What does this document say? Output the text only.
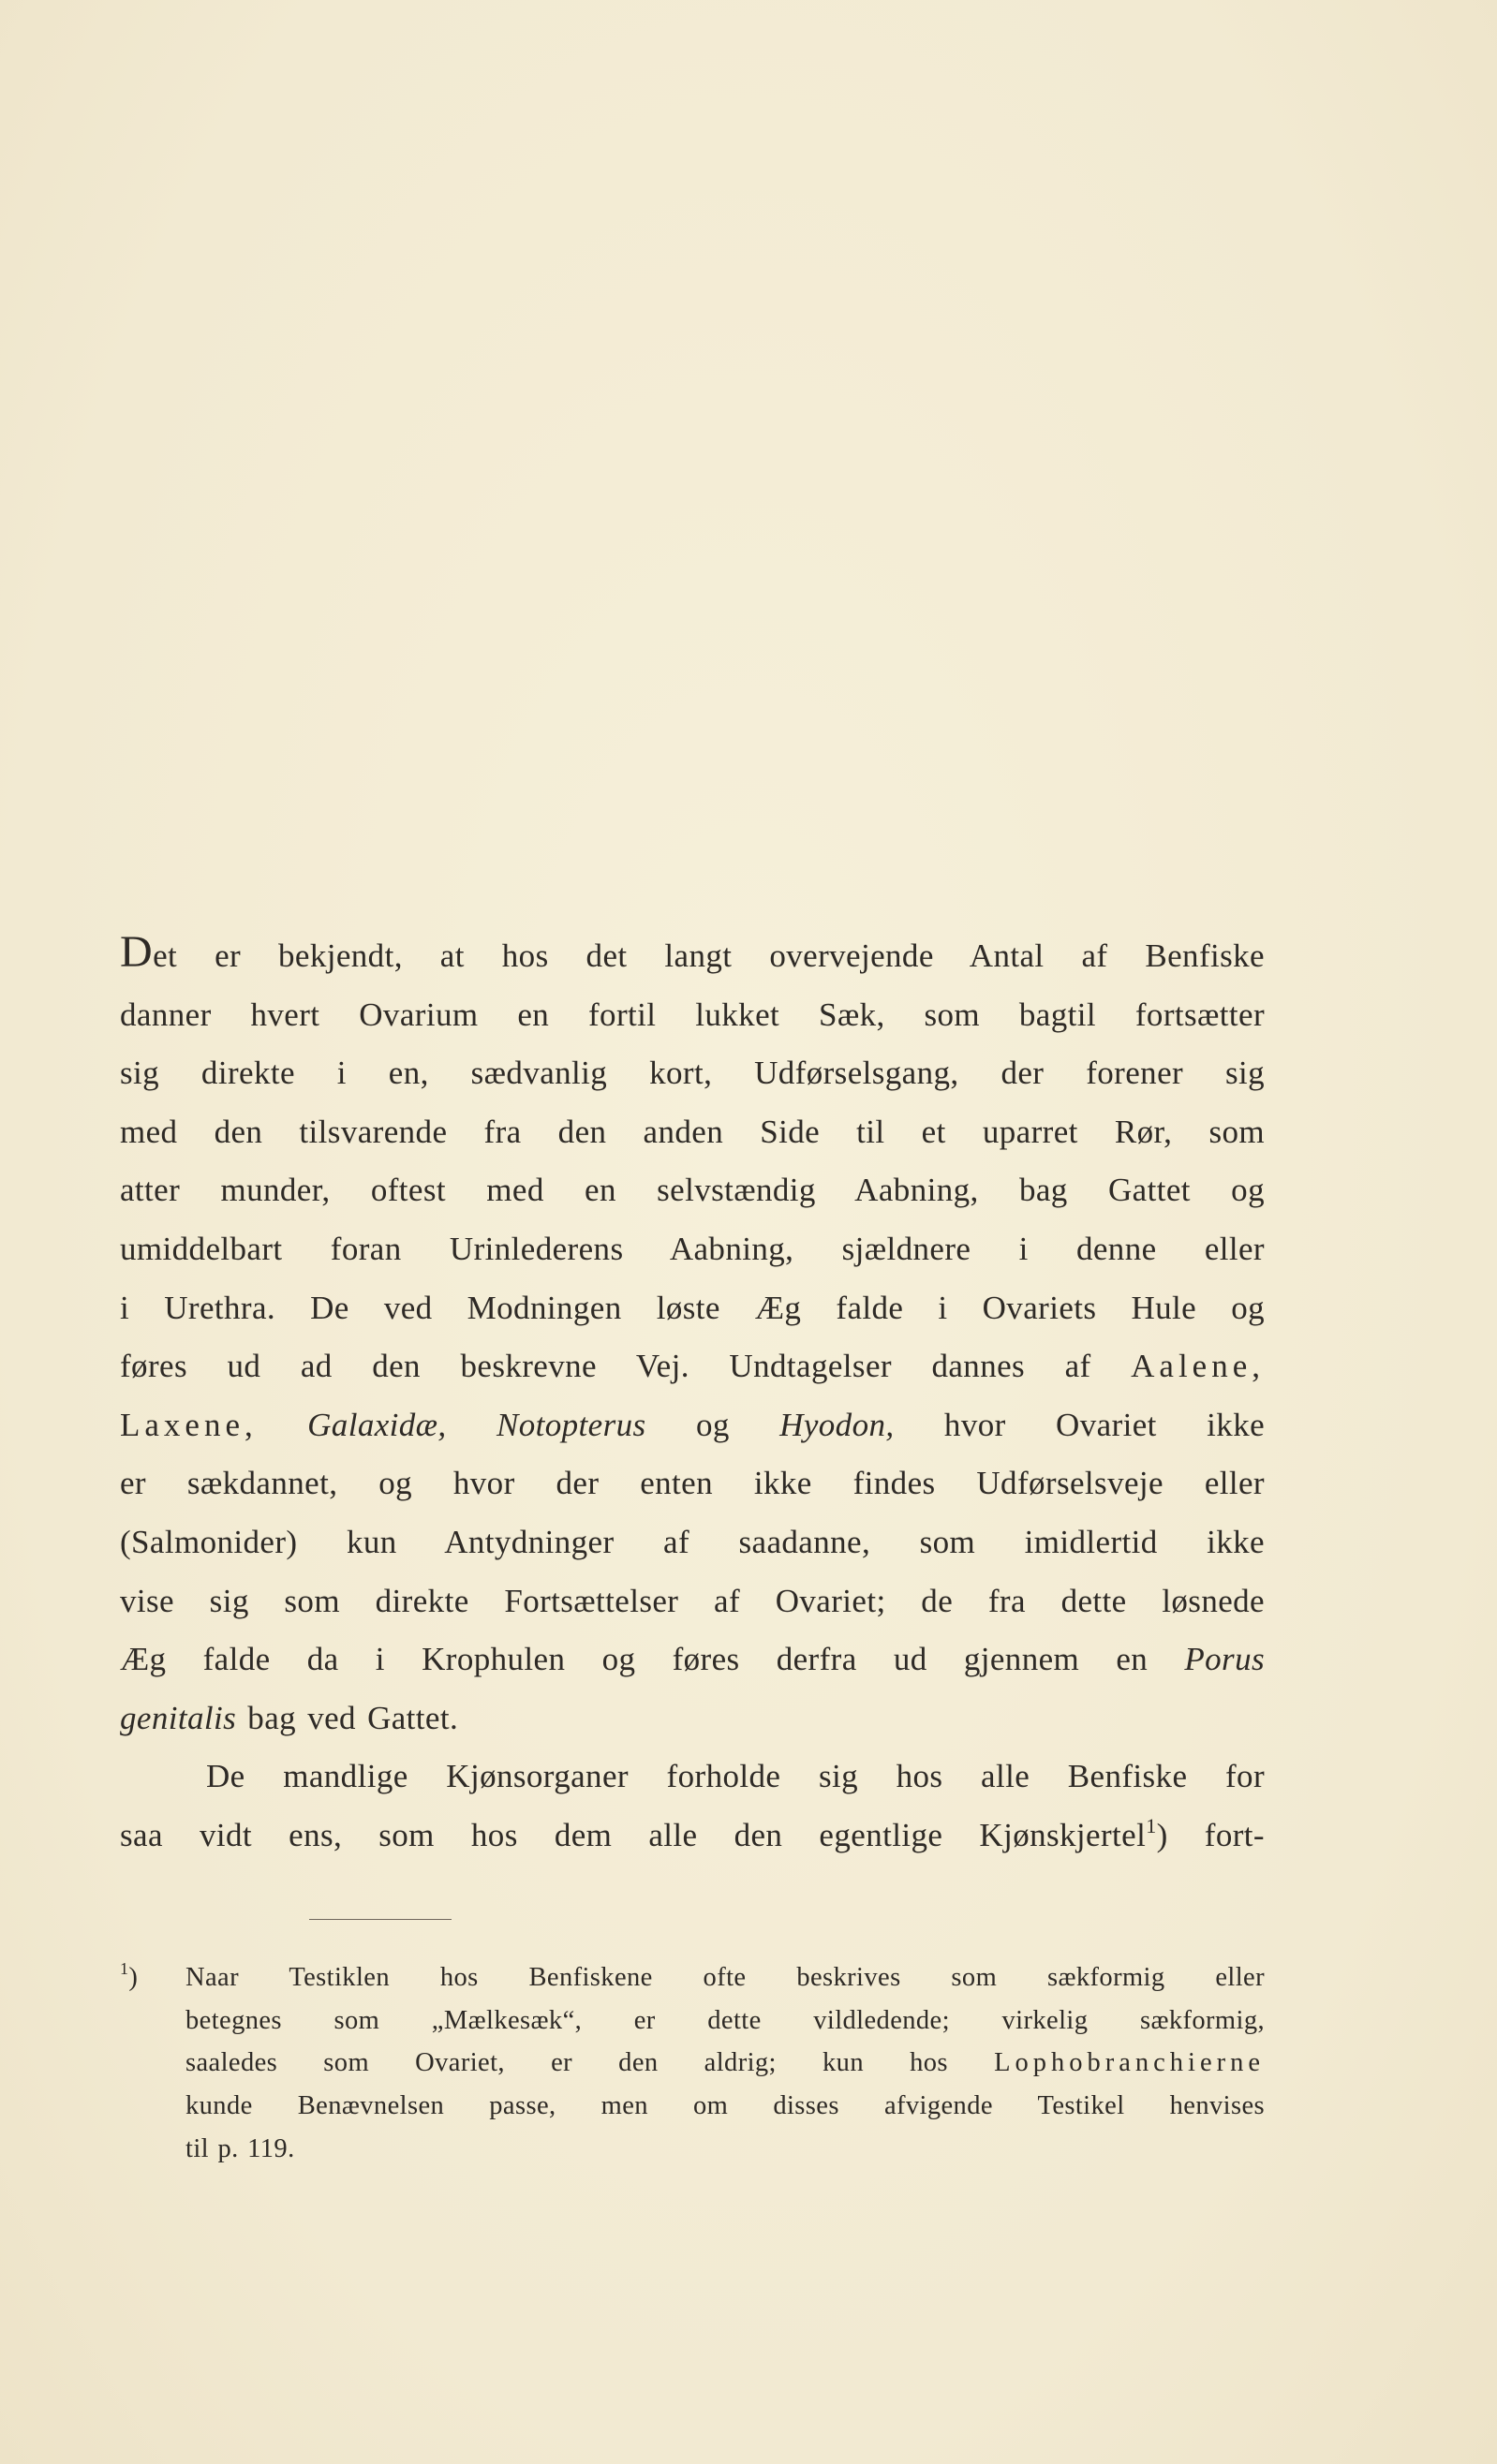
Det er bekjendt, at hos det langt overvejende Antal af Benfiske
danner hvert Ovarium en fortil lukket Sæk, som bagtil fortsætter
sig direkte i en, sædvanlig kort, Udførselsgang, der forener sig
med den tilsvarende fra den anden Side til et uparret Rør, som
atter munder, oftest med en selvstændig Aabning, bag Gattet og
umiddelbart foran Urinlederens Aabning, sjældnere i denne eller
i Urethra. De ved Modningen løste Æg falde i Ovariets Hule og
føres ud ad den beskrevne Vej. Undtagelser dannes af Aalene,
Laxene, Galaxidæ, Notopterus og Hyodon, hvor Ovariet ikke
er sækdannet, og hvor der enten ikke findes Udførselsveje eller
(Salmonider) kun Antydninger af saadanne, som imidlertid ikke
vise sig som direkte Fortsættelser af Ovariet; de fra dette løsnede
Æg falde da i Krophulen og føres derfra ud gjennem en Porus
genitalis bag ved Gattet.
De mandlige Kjønsorganer forholde sig hos alle Benfiske for
saa vidt ens, som hos dem alle den egentlige Kjønskjertel$^1$) fort-
$^1$) Naar Testiklen hos Benfiskene ofte beskrives som sækformig eller
betegnes som „Mælkesæk“, er dette vildledende; virkelig sækformig,
saaledes som Ovariet, er den aldrig; kun hos Lophobranchierne
kunde Benævnelsen passe, men om disses afvigende Testikel henvises
til p. 119.
